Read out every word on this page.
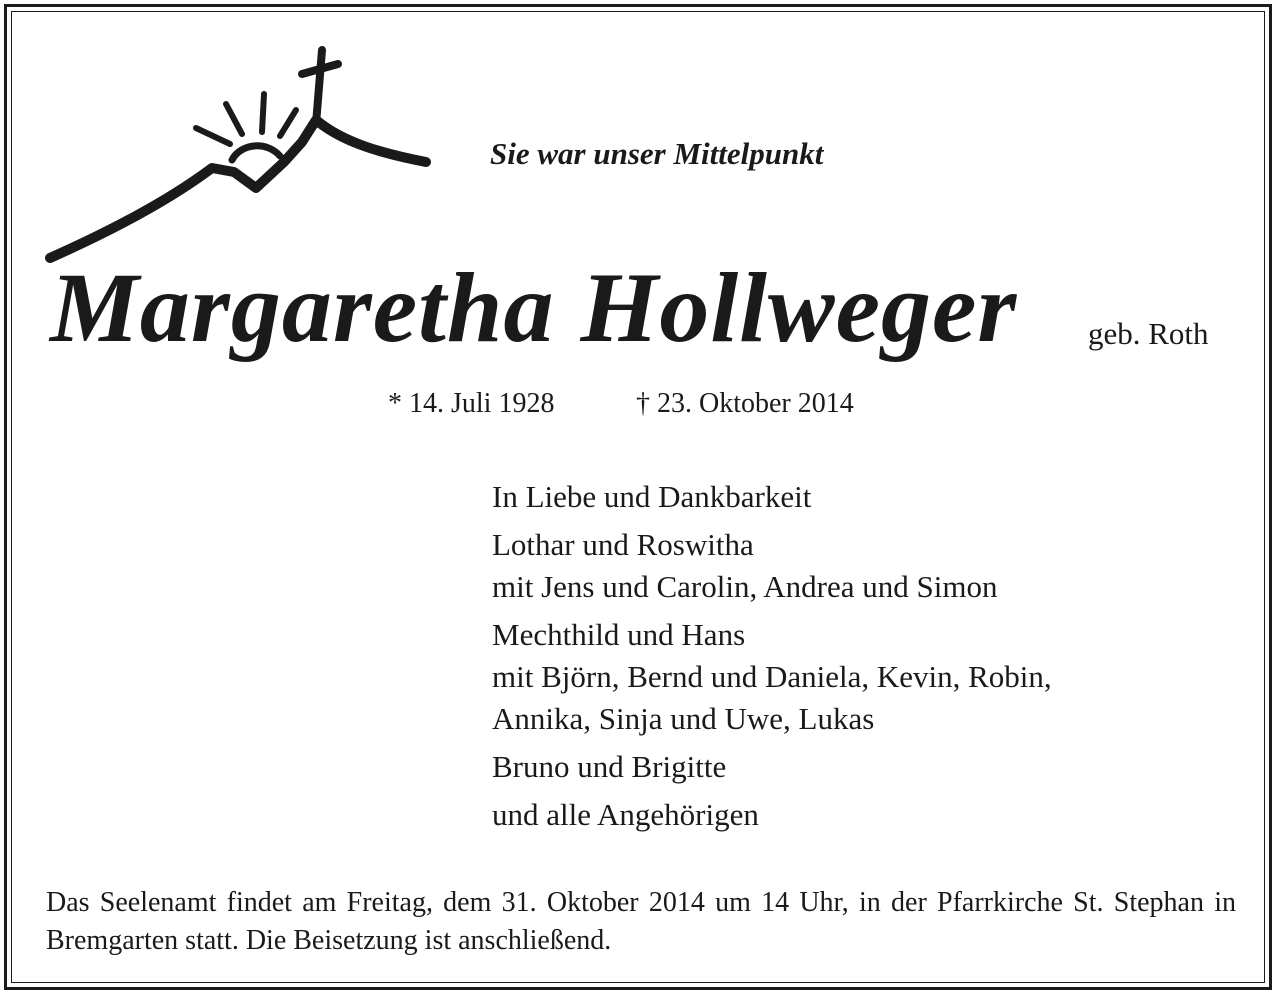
Sie war unser Mittelpunkt
Margaretha Hollweger geb. Roth
* 14. Juli 1928	† 23. Oktober 2014
In Liebe und Dankbarkeit
Lothar und Roswitha
mit Jens und Carolin, Andrea und Simon
Mechthild und Hans
mit Björn, Bernd und Daniela, Kevin, Robin,
Annika, Sinja und Uwe, Lukas
Bruno und Brigitte
und alle Angehörigen
Das Seelenamt findet am Freitag, dem 31. Oktober 2014 um 14 Uhr, in der Pfarrkirche St. Stephan in Bremgarten statt. Die Beisetzung ist anschließend.
